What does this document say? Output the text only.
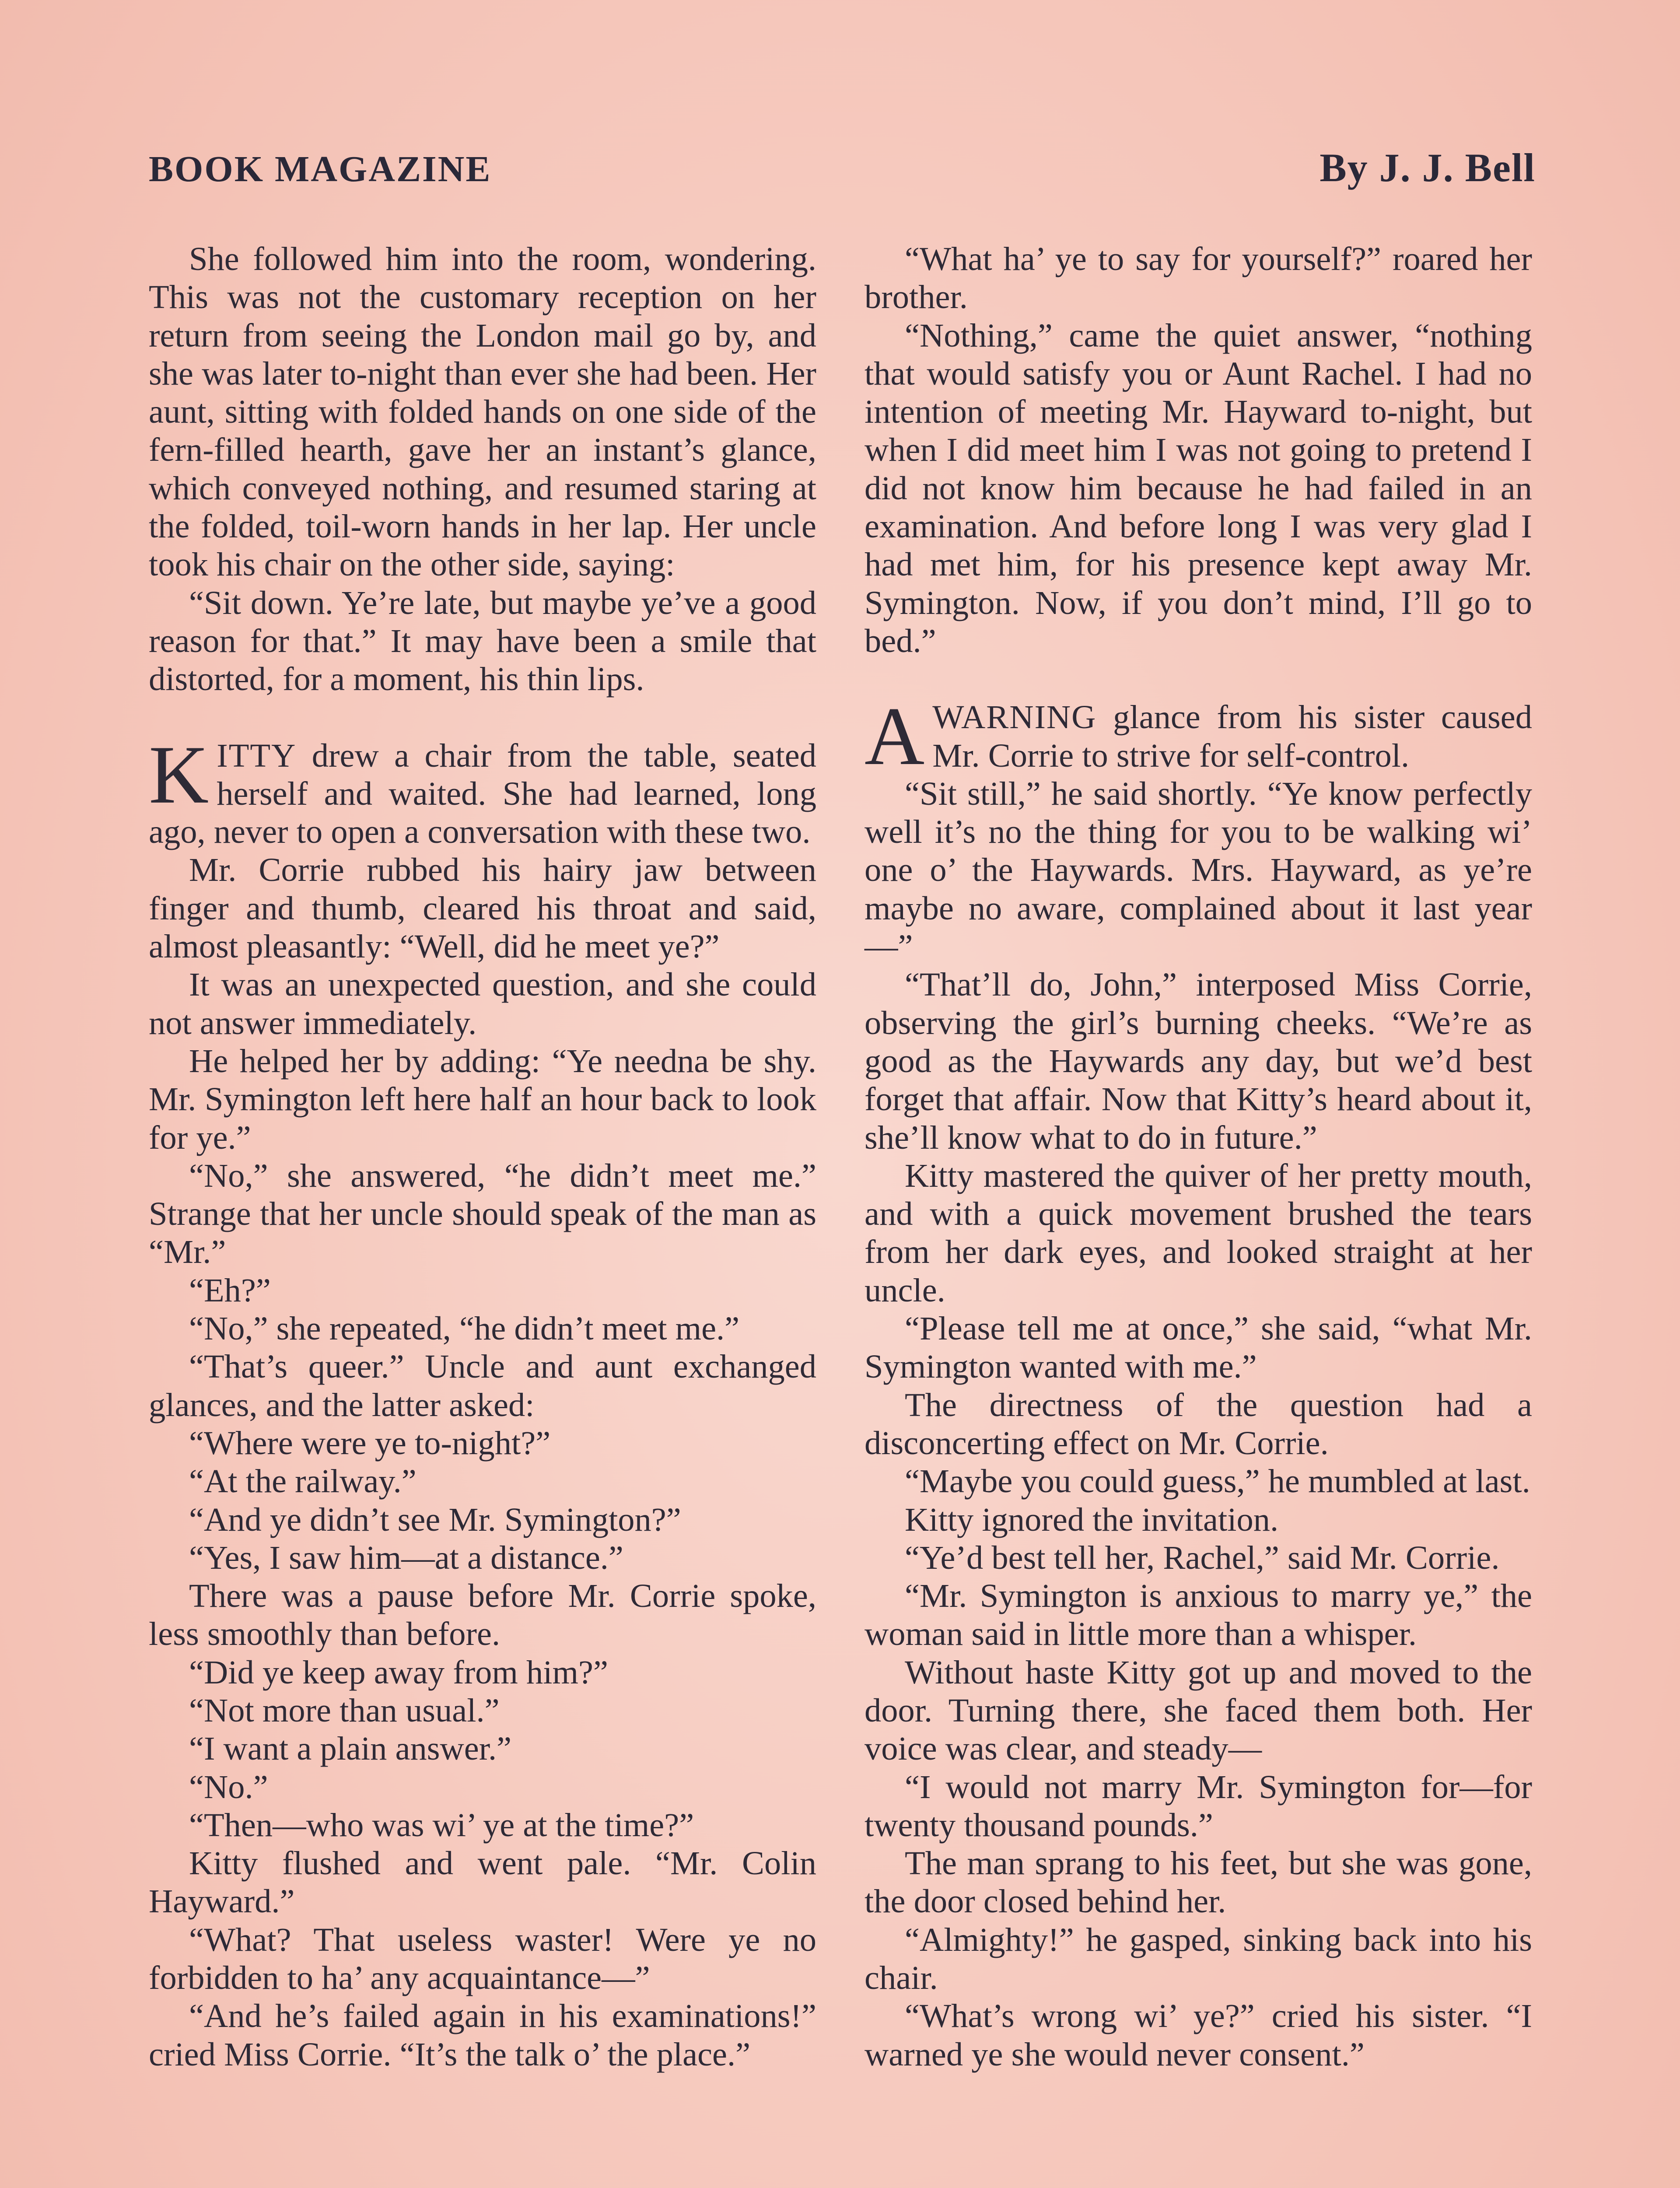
BOOK MAGAZINE	By J. J. Bell

She followed him into the room, wondering. This was not the customary reception on her return from seeing the London mail go by, and she was later to-night than ever she had been. Her aunt, sitting with folded hands on one side of the fern-filled hearth, gave her an instant’s glance, which conveyed nothing, and resumed staring at the folded, toil-worn hands in her lap. Her uncle took his chair on the other side, saying:

“Sit down. Ye’re late, but maybe ye’ve a good reason for that.” It may have been a smile that distorted, for a moment, his thin lips.

KITTY drew a chair from the table, seated herself and waited. She had learned, long ago, never to open a conversation with these two.

Mr. Corrie rubbed his hairy jaw between finger and thumb, cleared his throat and said, almost pleasantly: “Well, did he meet ye?”

It was an unexpected question, and she could not answer immediately.

He helped her by adding: “Ye needna be shy. Mr. Symington left here half an hour back to look for ye.”

“No,” she answered, “he didn’t meet me.” Strange that her uncle should speak of the man as “Mr.”

“Eh?”

“No,” she repeated, “he didn’t meet me.”

“That’s queer.” Uncle and aunt exchanged glances, and the latter asked:

“Where were ye to-night?”

“At the railway.”

“And ye didn’t see Mr. Symington?”

“Yes, I saw him—at a distance.”

There was a pause before Mr. Corrie spoke, less smoothly than before.

“Did ye keep away from him?”

“Not more than usual.”

“I want a plain answer.”

“No.”

“Then—who was wi’ ye at the time?”

Kitty flushed and went pale. “Mr. Colin Hayward.”

“What? That useless waster! Were ye no forbidden to ha’ any acquaintance—”

“And he’s failed again in his examinations!” cried Miss Corrie. “It’s the talk o’ the place.”

“What ha’ ye to say for yourself?” roared her brother.

“Nothing,” came the quiet answer, “nothing that would satisfy you or Aunt Rachel. I had no intention of meeting Mr. Hayward to-night, but when I did meet him I was not going to pretend I did not know him because he had failed in an examination. And before long I was very glad I had met him, for his presence kept away Mr. Symington. Now, if you don’t mind, I’ll go to bed.”

AWARNING glance from his sister caused Mr. Corrie to strive for self-control.

“Sit still,” he said shortly. “Ye know perfectly well it’s no the thing for you to be walking wi’ one o’ the Haywards. Mrs. Hayward, as ye’re maybe no aware, complained about it last year—”

“That’ll do, John,” interposed Miss Corrie, observing the girl’s burning cheeks. “We’re as good as the Haywards any day, but we’d best forget that affair. Now that Kitty’s heard about it, she’ll know what to do in future.”

Kitty mastered the quiver of her pretty mouth, and with a quick movement brushed the tears from her dark eyes, and looked straight at her uncle.

“Please tell me at once,” she said, “what Mr. Symington wanted with me.”

The directness of the question had a disconcerting effect on Mr. Corrie.

“Maybe you could guess,” he mumbled at last.

Kitty ignored the invitation.

“Ye’d best tell her, Rachel,” said Mr. Corrie.

“Mr. Symington is anxious to marry ye,” the woman said in little more than a whisper.

Without haste Kitty got up and moved to the door. Turning there, she faced them both. Her voice was clear, and steady—

“I would not marry Mr. Symington for—for twenty thousand pounds.”

The man sprang to his feet, but she was gone, the door closed behind her.

“Almighty!” he gasped, sinking back into his chair.

“What’s wrong wi’ ye?” cried his sister. “I warned ye she would never consent.”
